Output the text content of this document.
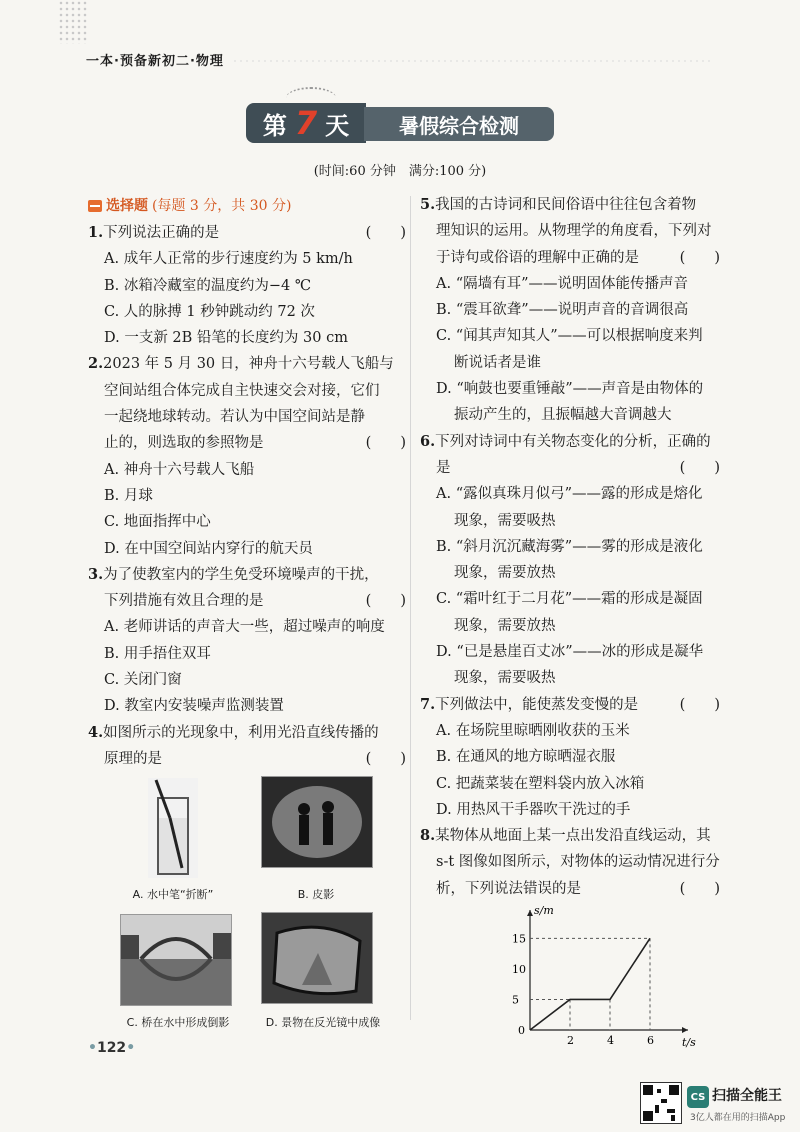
一本·预备新初二·物理
第 7 天	暑假综合检测
(时间:60 分钟　满分:100 分)
选择题 (每题 3 分，共 30 分)

1.下列说法正确的是	(　　)

A. 成年人正常的步行速度约为 5 km/h

B. 冰箱冷藏室的温度约为−4 ℃

C. 人的脉搏 1 秒钟跳动约 72 次

D. 一支新 2B 铅笔的长度约为 30 cm

2.2023 年 5 月 30 日，神舟十六号载人飞船与

空间站组合体完成自主快速交会对接，它们

一起绕地球转动。若认为中国空间站是静

止的，则选取的参照物是	(　　)

A. 神舟十六号载人飞船

B. 月球

C. 地面指挥中心

D. 在中国空间站内穿行的航天员

3.为了使教室内的学生免受环境噪声的干扰，

下列措施有效且合理的是	(　　)

A. 老师讲话的声音大一些，超过噪声的响度

B. 用手捂住双耳

C. 关闭门窗

D. 教室内安装噪声监测装置

4.如图所示的光现象中，利用光沿直线传播的

原理的是	(　　)

A. 水中笔“折断”	B. 皮影
C. 桥在水中形成倒影	D. 景物在反光镜中成像

5.我国的古诗词和民间俗语中往往包含着物

理知识的运用。从物理学的角度看，下列对

于诗句或俗语的理解中正确的是	(　　)

A. “隔墙有耳”——说明固体能传播声音

B. “震耳欲聋”——说明声音的音调很高

C. “闻其声知其人”——可以根据响度来判

断说话者是谁

D. “响鼓也要重锤敲”——声音是由物体的

振动产生的，且振幅越大音调越大

6.下列对诗词中有关物态变化的分析，正确的

是	(　　)

A. “露似真珠月似弓”——露的形成是熔化

现象，需要吸热

B. “斜月沉沉藏海雾”——雾的形成是液化

现象，需要放热

C. “霜叶红于二月花”——霜的形成是凝固

现象，需要放热

D. “已是悬崖百丈冰”——冰的形成是凝华

现象，需要吸热

7.下列做法中，能使蒸发变慢的是	(　　)

A. 在场院里晾晒刚收获的玉米

B. 在通风的地方晾晒湿衣服

C. 把蔬菜装在塑料袋内放入冰箱

D. 用热风干手器吹干洗过的手

8.某物体从地面上某一点出发沿直线运动，其

s-t 图像如图所示，对物体的运动情况进行分

析，下列说法错误的是	(　　)

s/m
t/s
0
5
10
15
2	4	6
•122•
CS 扫描全能王
3亿人都在用的扫描App
